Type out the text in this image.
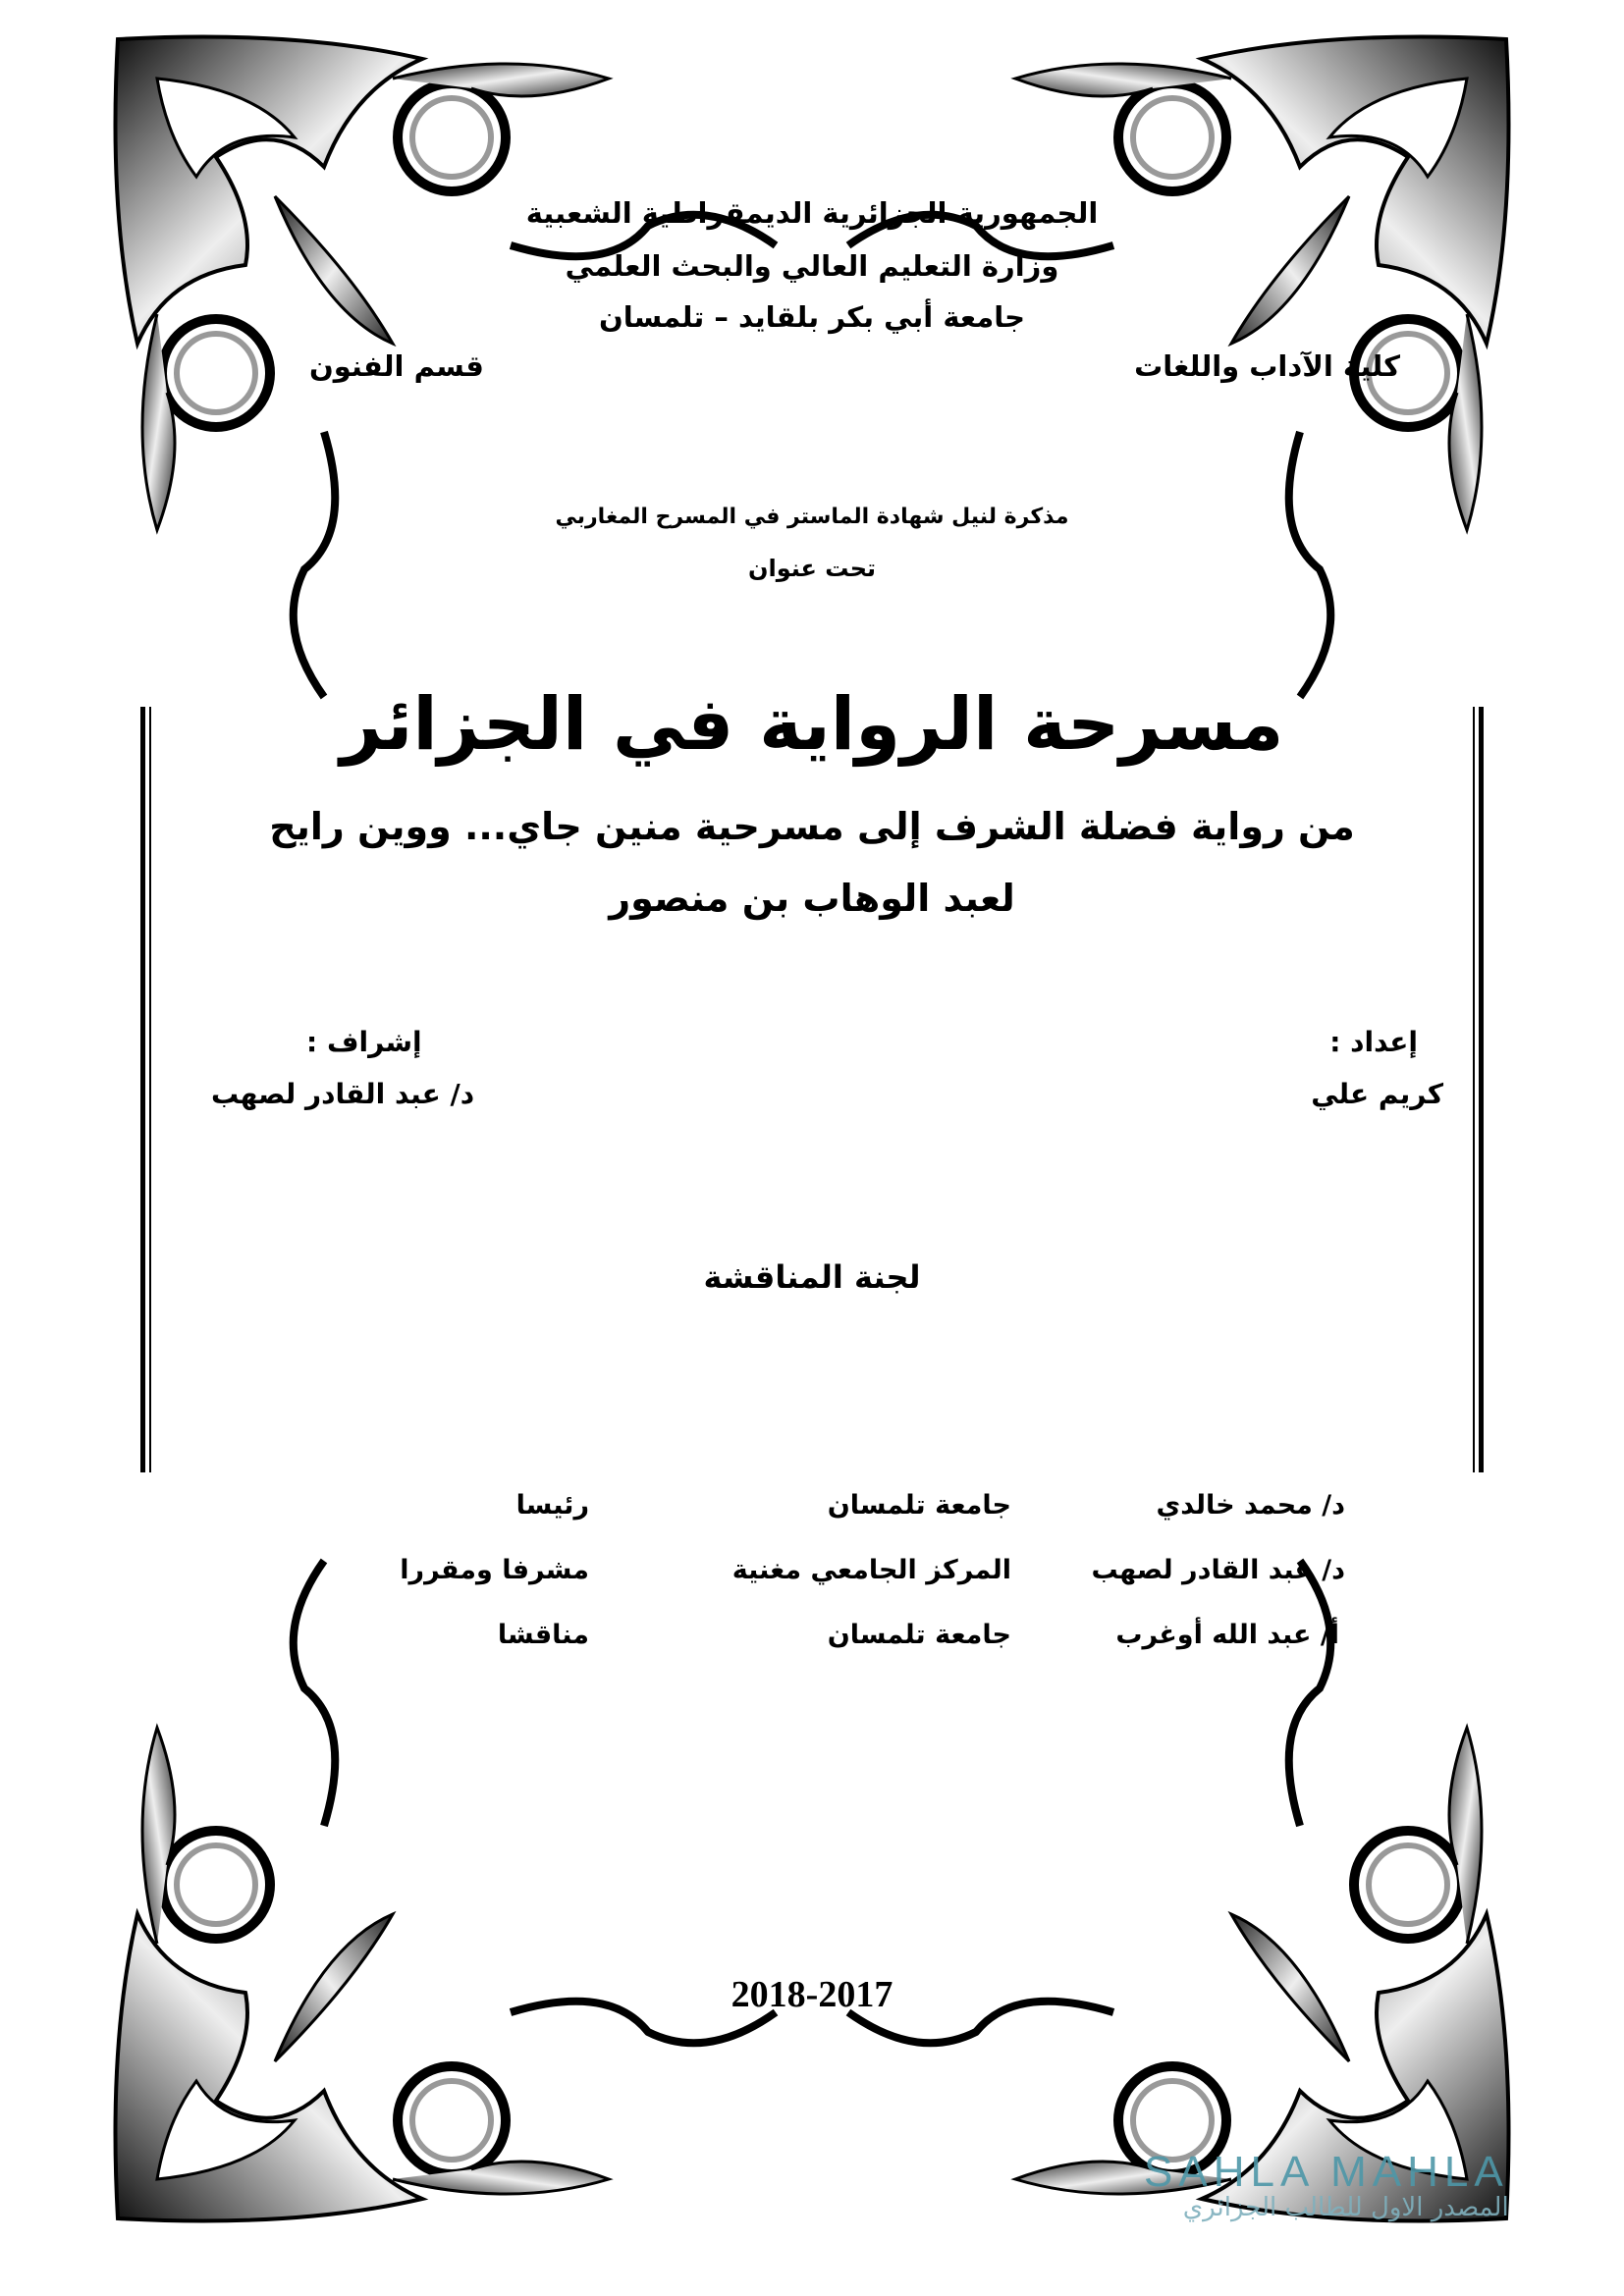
الجمهورية الجزائرية الديمقراطية الشعبية
وزارة التعليم العالي والبحث العلمي
جامعة أبي بكر بلقايد – تلمسان
كلية الآداب واللغات
قسم الفنون
مذكرة لنيل شهادة الماستر في المسرح المغاربي
تحت عنوان
مسرحة الرواية في الجزائر
من رواية فضلة الشرف إلى مسرحية منين جاي... ووين رايح
لعبد الوهاب بن منصور
إعداد :
كريم علي
إشراف :
د/ عبد القادر لصهب
لجنة المناقشة
د/ محمد خالدي
جامعة تلمسان
رئيسا
د/ عبد القادر لصهب
المركز الجامعي مغنية
مشرفا ومقررا
أ/ عبد الله أوغرب
جامعة تلمسان
مناقشا
2018-2017
SAHLA MAHLA
المصدر الاول للطالب الجزائري
